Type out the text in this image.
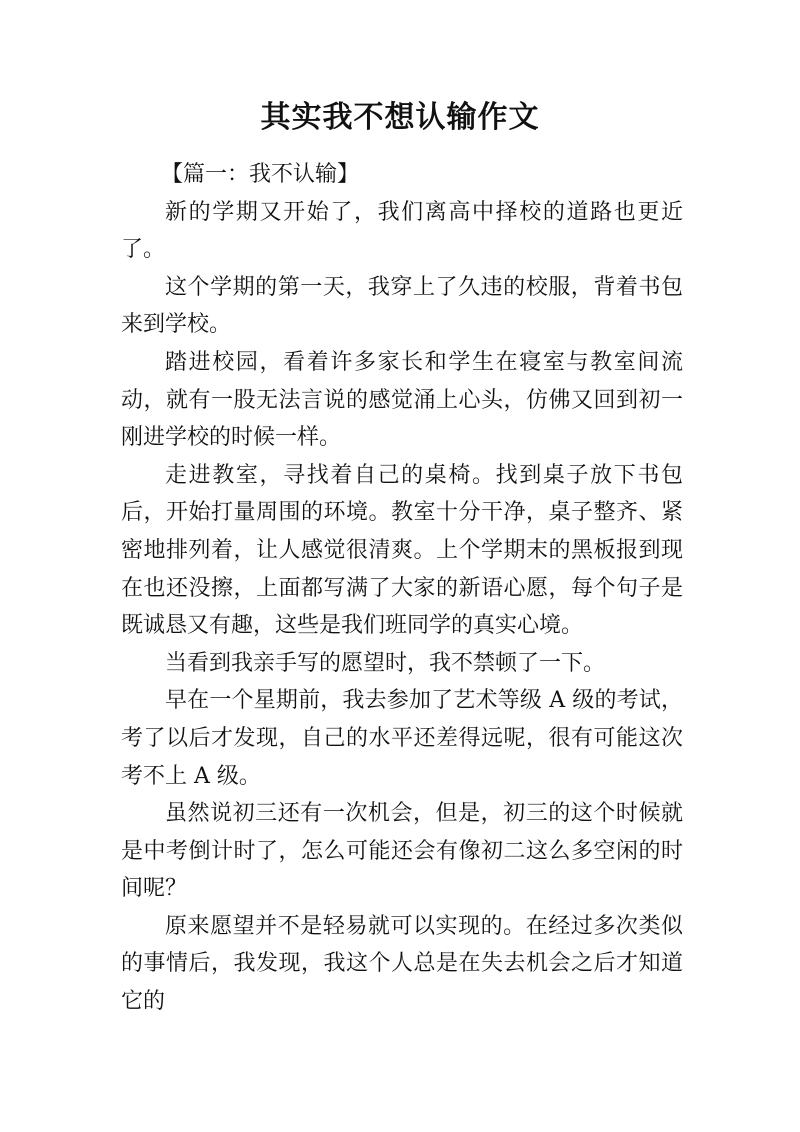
其实我不想认输作文

【篇一：我不认输】

新的学期又开始了，我们离高中择校的道路也更近了。

这个学期的第一天，我穿上了久违的校服，背着书包来到学校。

踏进校园，看着许多家长和学生在寝室与教室间流动，就有一股无法言说的感觉涌上心头，仿佛又回到初一刚进学校的时候一样。

走进教室，寻找着自己的桌椅。找到桌子放下书包后，开始打量周围的环境。教室十分干净，桌子整齐、紧密地排列着，让人感觉很清爽。上个学期末的黑板报到现在也还没擦，上面都写满了大家的新语心愿，每个句子是既诚恳又有趣，这些是我们班同学的真实心境。

当看到我亲手写的愿望时，我不禁顿了一下。

早在一个星期前，我去参加了艺术等级 A 级的考试，考了以后才发现，自己的水平还差得远呢，很有可能这次考不上 A 级。

虽然说初三还有一次机会，但是，初三的这个时候就是中考倒计时了，怎么可能还会有像初二这么多空闲的时间呢？

原来愿望并不是轻易就可以实现的。在经过多次类似的事情后，我发现，我这个人总是在失去机会之后才知道它的
